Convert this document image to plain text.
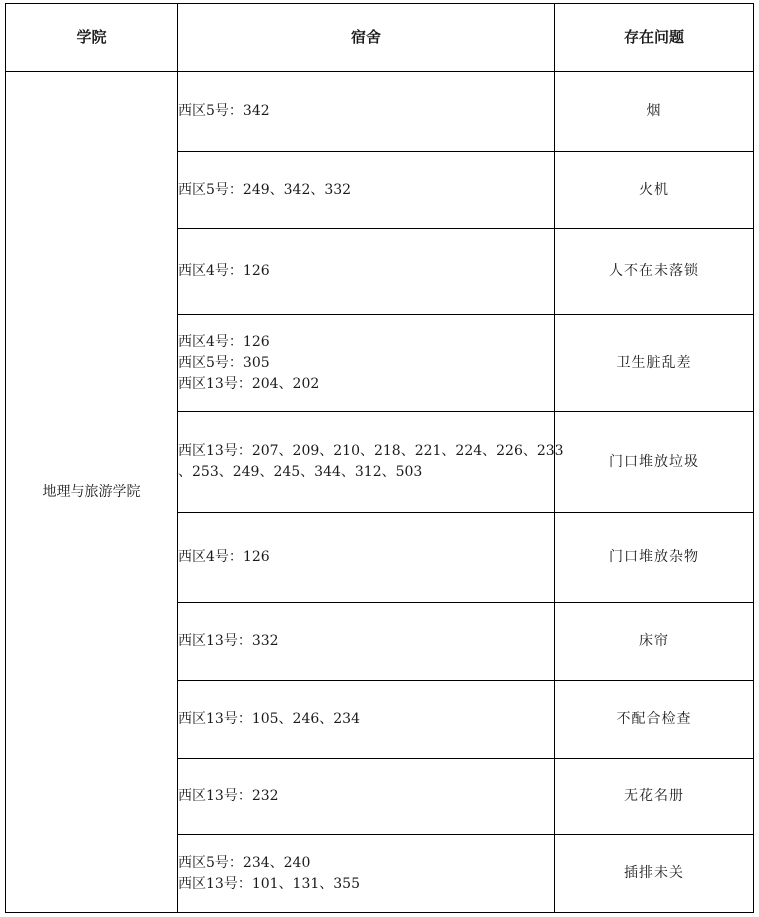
学院	宿舍	存在问题
地理与旅游学院	西区5号：342	烟

	西区5号：249、342、332	火机

	西区4号：126	人不在未落锁

	西区4号：126
西区5号：305
西区13号：204、202	卫生脏乱差

	西区13号：207、209、210、218、221、224、226、233
、253、249、245、344、312、503	门口堆放垃圾

	西区4号：126	门口堆放杂物

	西区13号：332	床帘

	西区13号：105、246、234	不配合检查

	西区13号：232	无花名册

	西区5号：234、240
西区13号：101、131、355	插排未关
